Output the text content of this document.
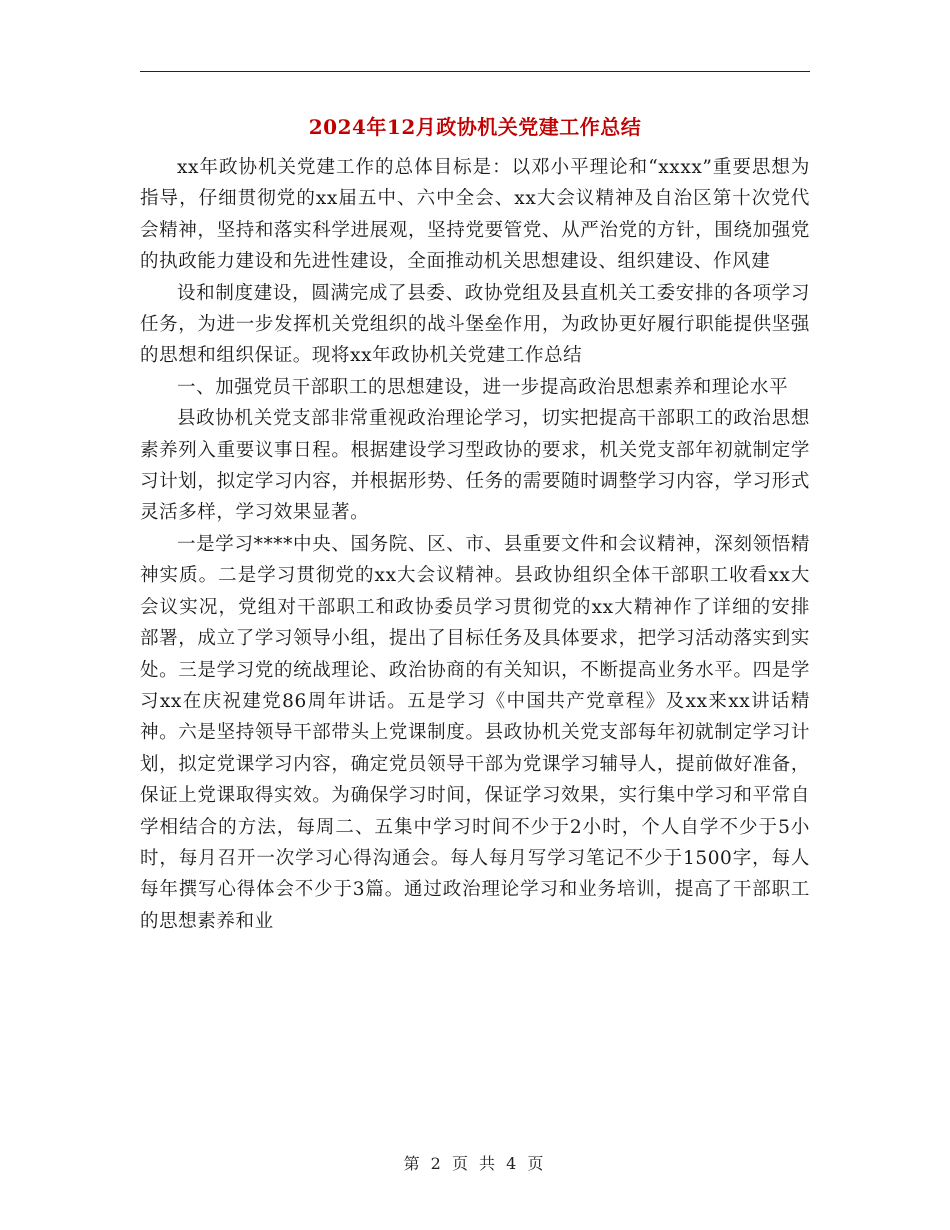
2024年12月政协机关党建工作总结

xx年政协机关党建工作的总体目标是：以邓小平理论和“xxxx”重要思想为指导，仔细贯彻党的xx届五中、六中全会、xx大会议精神及自治区第十次党代会精神，坚持和落实科学进展观，坚持党要管党、从严治党的方针，围绕加强党的执政能力建设和先进性建设，全面推动机关思想建设、组织建设、作风建

设和制度建设，圆满完成了县委、政协党组及县直机关工委安排的各项学习任务，为进一步发挥机关党组织的战斗堡垒作用，为政协更好履行职能提供坚强的思想和组织保证。现将xx年政协机关党建工作总结

一、加强党员干部职工的思想建设，进一步提高政治思想素养和理论水平

县政协机关党支部非常重视政治理论学习，切实把提高干部职工的政治思想素养列入重要议事日程。根据建设学习型政协的要求，机关党支部年初就制定学习计划，拟定学习内容，并根据形势、任务的需要随时调整学习内容，学习形式灵活多样，学习效果显著。

一是学习****中央、国务院、区、市、县重要文件和会议精神，深刻领悟精神实质。二是学习贯彻党的xx大会议精神。县政协组织全体干部职工收看xx大会议实况，党组对干部职工和政协委员学习贯彻党的xx大精神作了详细的安排部署，成立了学习领导小组，提出了目标任务及具体要求，把学习活动落实到实处。三是学习党的统战理论、政治协商的有关知识，不断提高业务水平。四是学习xx在庆祝建党86周年讲话。五是学习《中国共产党章程》及xx来xx讲话精神。六是坚持领导干部带头上党课制度。县政协机关党支部每年初就制定学习计划，拟定党课学习内容，确定党员领导干部为党课学习辅导人，提前做好准备，保证上党课取得实效。为确保学习时间，保证学习效果，实行集中学习和平常自学相结合的方法，每周二、五集中学习时间不少于2小时，个人自学不少于5小时，每月召开一次学习心得沟通会。每人每月写学习笔记不少于1500字，每人每年撰写心得体会不少于3篇。通过政治理论学习和业务培训，提高了干部职工的思想素养和业

第 2 页 共 4 页
